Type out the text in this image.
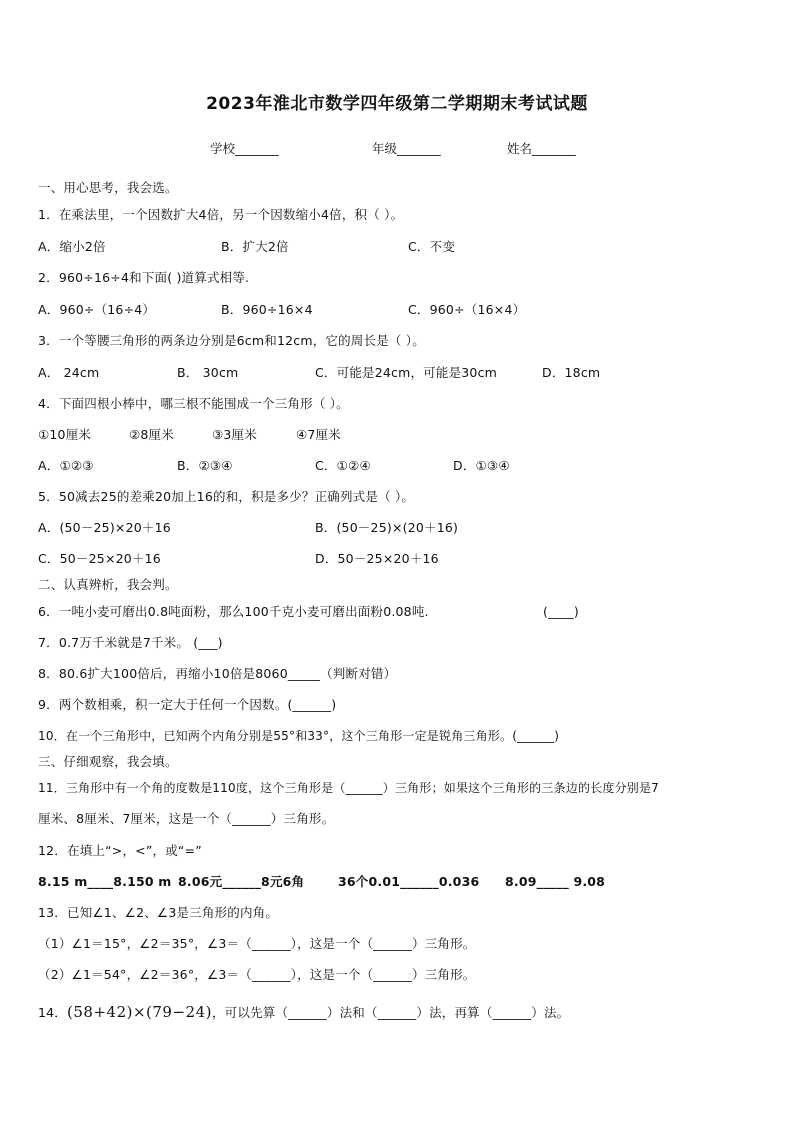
2023年淮北市数学四年级第二学期期末考试试题
学校_______	年级_______	姓名_______
一、用心思考，我会选。
1．在乘法里，一个因数扩大4倍，另一个因数缩小4倍，积（ ）。
A．缩小2倍	B．扩大2倍	C．不变
2．960÷16÷4和下面( )道算式相等.
A．960÷（16÷4）	B．960÷16×4	C．960÷（16×4）
3．一个等腰三角形的两条边分别是6cm和12cm，它的周长是（ ）。
A． 24cm	B． 30cm	C．可能是24cm，可能是30cm	D．18cm
4．下面四根小棒中，哪三根不能围成一个三角形（ ）。
①10厘米	②8厘米	③3厘米	④7厘米
A．①②③	B．②③④	C．①②④	D．①③④
5．50减去25的差乘20加上16的和，积是多少？正确列式是（ ）。
A．(50－25)×20＋16	B．(50－25)×(20＋16)
C．50－25×20＋16	D．50－25×20＋16
二、认真辨析，我会判。
6．一吨小麦可磨出0.8吨面粉，那么100千克小麦可磨出面粉0.08吨.	(____)
7．0.7万千米就是7千米。 (___)
8．80.6扩大100倍后，再缩小10倍是8060_____（判断对错）
9．两个数相乘，积一定大于任何一个因数。(______)
10．在一个三角形中，已知两个内角分别是55°和33°，这个三角形一定是锐角三角形。(______)
三、仔细观察，我会填。
11．三角形中有一个角的度数是110度，这个三角形是（______）三角形；如果这个三角形的三条边的长度分别是7
厘米、8厘米、7厘米，这是一个（______）三角形。
12．在填上“>，<”，或“=”
8.15 m____8.150 m 8.06元______8元6角	36个0.01______0.036 8.09_____ 9.08
13．已知∠1、∠2、∠3是三角形的内角。
（1）∠1＝15°，∠2＝35°，∠3＝（______），这是一个（______）三角形。
（2）∠1＝54°，∠2＝36°，∠3＝（______），这是一个（______）三角形。
14．(58+42)×(79−24)，可以先算（______）法和（______）法，再算（______）法。
